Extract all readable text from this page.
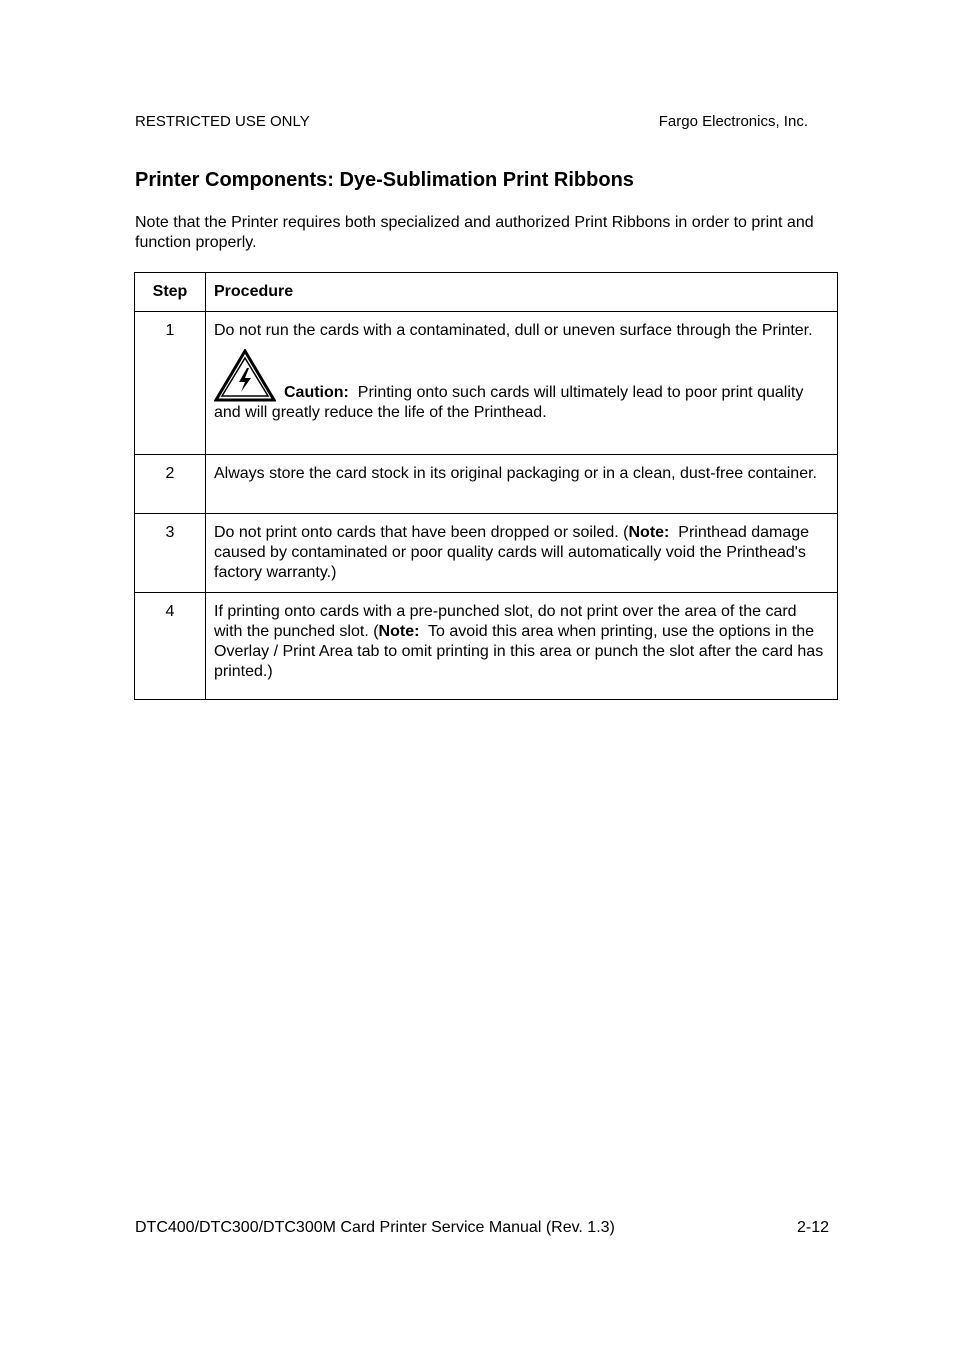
RESTRICTED USE ONLY	Fargo Electronics, Inc.
Printer Components: Dye-Sublimation Print Ribbons

Note that the Printer requires both specialized and authorized Print Ribbons in order to print and function properly.

Step	Procedure
1	Do not run the cards with a contaminated, dull or uneven surface through the Printer.
Caution:  Printing onto such cards will ultimately lead to poor print quality and will greatly reduce the life of the Printhead.

2	Always store the card stock in its original packaging or in a clean, dust-free container.
3	Do not print onto cards that have been dropped or soiled. (Note:  Printhead damage caused by contaminated or poor quality cards will automatically void the Printhead's factory warranty.)
4	If printing onto cards with a pre-punched slot, do not print over the area of the card with the punched slot. (Note:  To avoid this area when printing, use the options in the Overlay / Print Area tab to omit printing in this area or punch the slot after the card has printed.)
DTC400/DTC300/DTC300M Card Printer Service Manual (Rev. 1.3)	2-12
